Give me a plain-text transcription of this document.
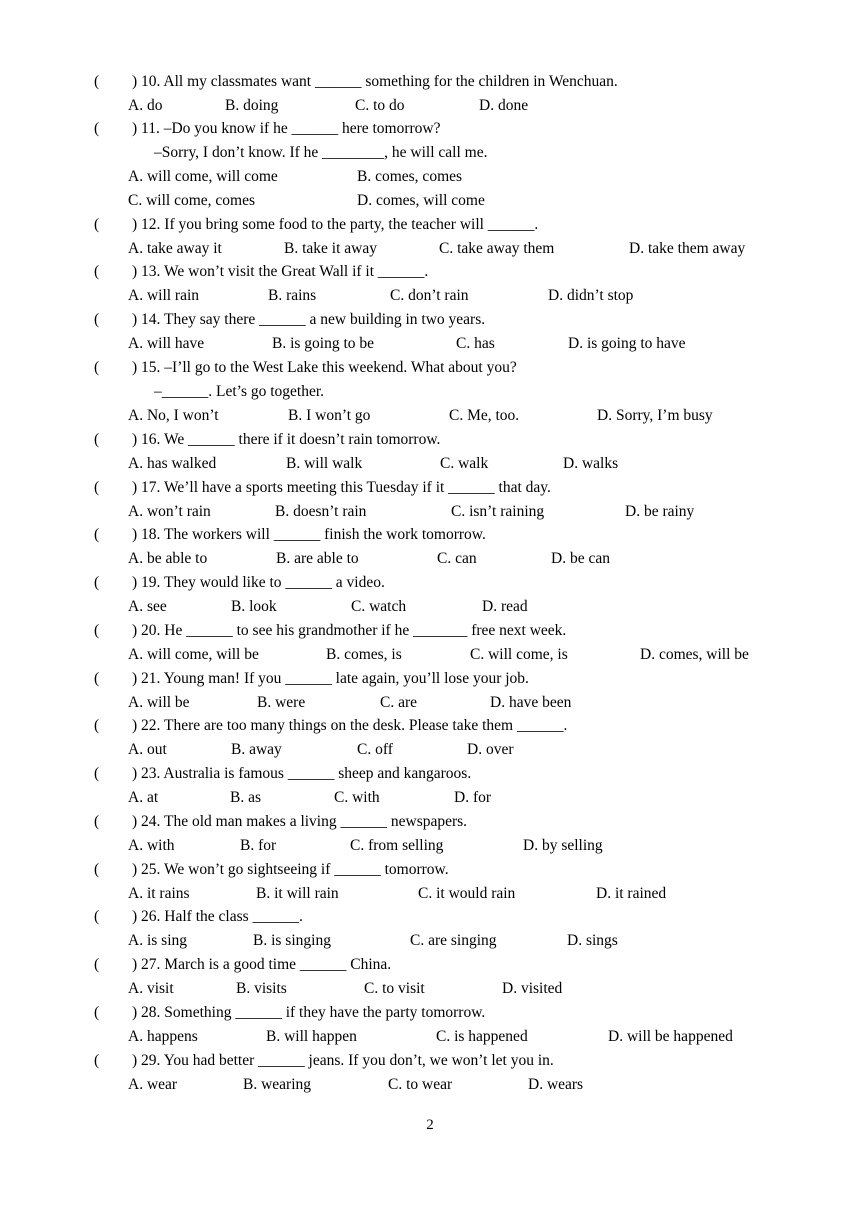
( ) 10. All my classmates want ______ something for the children in Wenchuan.
A. do	B. doing	C. to do	D. done
( ) 11. –Do you know if he ______ here tomorrow?
–Sorry, I don’t know. If he ________, he will call me.
A. will come, will come	B. comes, comes
C. will come, comes	D. comes, will come
( ) 12. If you bring some food to the party, the teacher will ______.
A. take away it	B. take it away	C. take away them	D. take them away
( ) 13. We won’t visit the Great Wall if it ______.
A. will rain	B. rains	C. don’t rain	D. didn’t stop
( ) 14. They say there ______ a new building in two years.
A. will have	B. is going to be	C. has	D. is going to have
( ) 15. –I’ll go to the West Lake this weekend. What about you?
–______. Let’s go together.
A. No, I won’t	B. I won’t go	C. Me, too.	D. Sorry, I’m busy
( ) 16. We ______ there if it doesn’t rain tomorrow.
A. has walked	B. will walk	C. walk	D. walks
( ) 17. We’ll have a sports meeting this Tuesday if it ______ that day.
A. won’t rain	B. doesn’t rain	C. isn’t raining	D. be rainy
( ) 18. The workers will ______ finish the work tomorrow.
A. be able to	B. are able to	C. can	D. be can
( ) 19. They would like to ______ a video.
A. see	B. look	C. watch	D. read
( ) 20. He ______ to see his grandmother if he _______ free next week.
A. will come, will be	B. comes, is	C. will come, is	D. comes, will be
( ) 21. Young man! If you ______ late again, you’ll lose your job.
A. will be	B. were	C. are	D. have been
( ) 22. There are too many things on the desk. Please take them ______.
A. out	B. away	C. off	D. over
( ) 23. Australia is famous ______ sheep and kangaroos.
A. at	B. as	C. with	D. for
( ) 24. The old man makes a living ______ newspapers.
A. with	B. for	C. from selling	D. by selling
( ) 25. We won’t go sightseeing if ______ tomorrow.
A. it rains	B. it will rain	C. it would rain	D. it rained
( ) 26. Half the class ______.
A. is sing	B. is singing	C. are singing	D. sings
( ) 27. March is a good time ______ China.
A. visit	B. visits	C. to visit	D. visited
( ) 28. Something ______ if they have the party tomorrow.
A. happens	B. will happen	C. is happened	D. will be happened
( ) 29. You had better ______ jeans. If you don’t, we won’t let you in.
A. wear	B. wearing	C. to wear	D. wears
2
